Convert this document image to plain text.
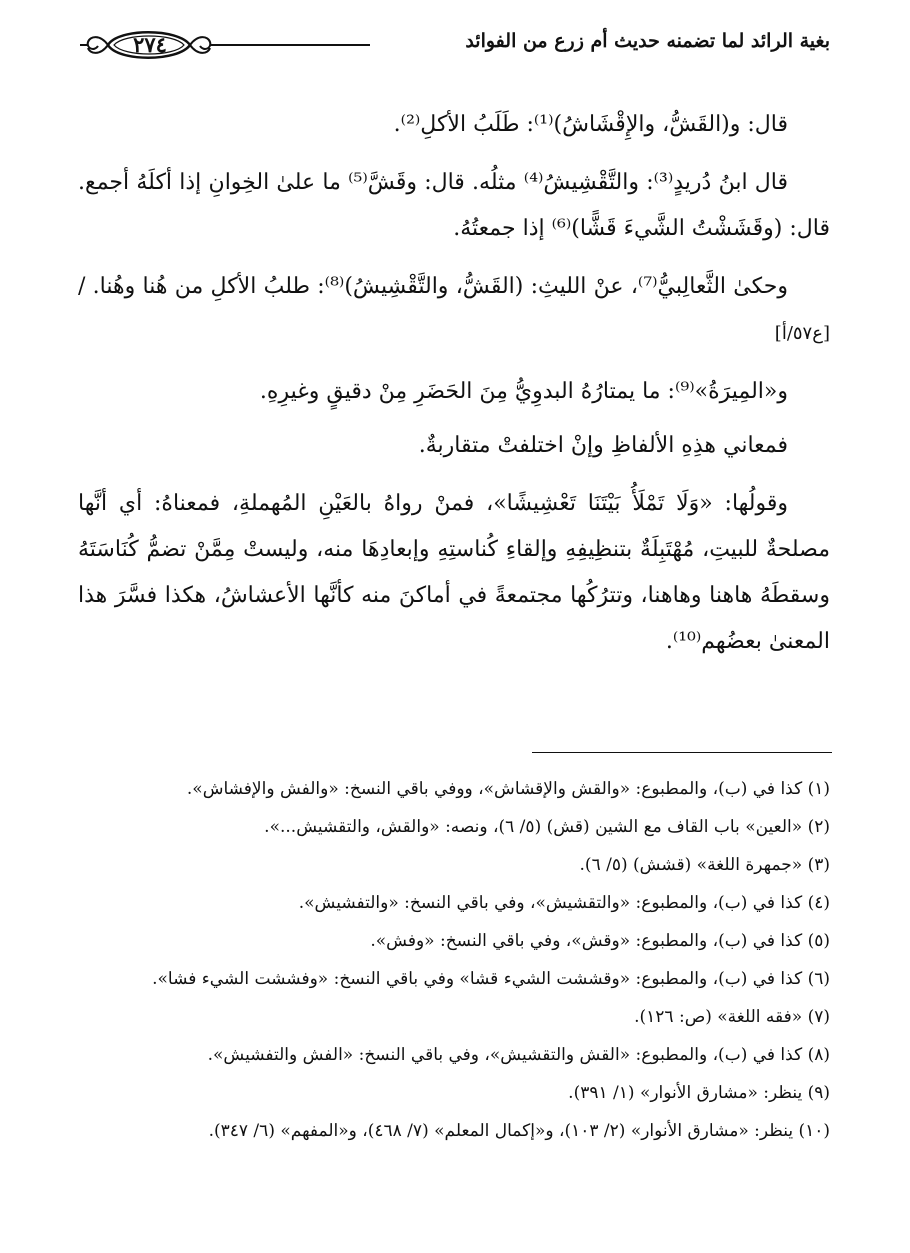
بغية الرائد لما تضمنه حديث أم زرع من الفوائد
٢٧٤

قال: و(القَشُّ، والإِقْشَاشُ)⁽¹⁾: طَلَبُ الأكلِ⁽²⁾.

قال ابنُ دُريدٍ⁽³⁾: والتَّقْشِيشُ⁽⁴⁾ مثلُه. قال: وقَشَّ⁽⁵⁾ ما علىٰ الخِوانِ إذا أكلَهُ أجمع. قال: (وقَشَشْتُ الشَّيءَ قَشًّا)⁽⁶⁾ إذا جمعتُهُ.

وحكىٰ الثَّعالِبيُّ⁽⁷⁾، عنْ الليثِ: (القَشُّ، والتَّقْشِيشُ)⁽⁸⁾: طلبُ الأكلِ من هُنا وهُنا. / [ع٥٧/أ]

و«المِيرَةُ»⁽⁹⁾: ما يمتارُهُ البدوِيُّ مِنَ الحَضَرِ مِنْ دقيقٍ وغيرِهِ.

فمعاني هذِهِ الألفاظِ وإنْ اختلفتْ متقاربةٌ.

وقولُها: «وَلَا تَمْلَأُ بَيْتَنَا تَعْشِيشًا»، فمنْ رواهُ بالعَيْنِ المُهملةِ، فمعناهُ: أي أنَّها مصلحةٌ للبيتِ، مُهْتَبِلَةٌ بتنظِيفِهِ وإلقاءِ كُناستِهِ وإبعادِهَا منه، وليستْ مِمَّنْ تضمُّ كُنَاسَتَهُ وسقطَهُ هاهنا وهاهنا، وتترُكُها مجتمعةً في أماكنَ منه كأنَّها الأعشاشُ، هكذا فسَّرَ هذا المعنىٰ بعضُهم⁽¹⁰⁾.

(١) كذا في (ب)، والمطبوع: «والقش والإقشاش»، ووفي باقي النسخ: «والفش والإفشاش».

(٢) «العين» باب القاف مع الشين (قش) (٥/ ٦)، ونصه: «والقش، والتقشيش...».

(٣) «جمهرة اللغة» (قشش) (٥/ ٦).

(٤) كذا في (ب)، والمطبوع: «والتقشيش»، وفي باقي النسخ: «والتفشيش».

(٥) كذا في (ب)، والمطبوع: «وقش»، وفي باقي النسخ: «وفش».

(٦) كذا في (ب)، والمطبوع: «وقششت الشيء قشا» وفي باقي النسخ: «وفششت الشيء فشا».

(٧) «فقه اللغة» (ص: ١٢٦).

(٨) كذا في (ب)، والمطبوع: «القش والتقشيش»، وفي باقي النسخ: «الفش والتفشيش».

(٩) ينظر: «مشارق الأنوار» (١/ ٣٩١).

(١٠) ينظر: «مشارق الأنوار» (٢/ ١٠٣)، و«إكمال المعلم» (٧/ ٤٦٨)، و«المفهم» (٦/ ٣٤٧).
